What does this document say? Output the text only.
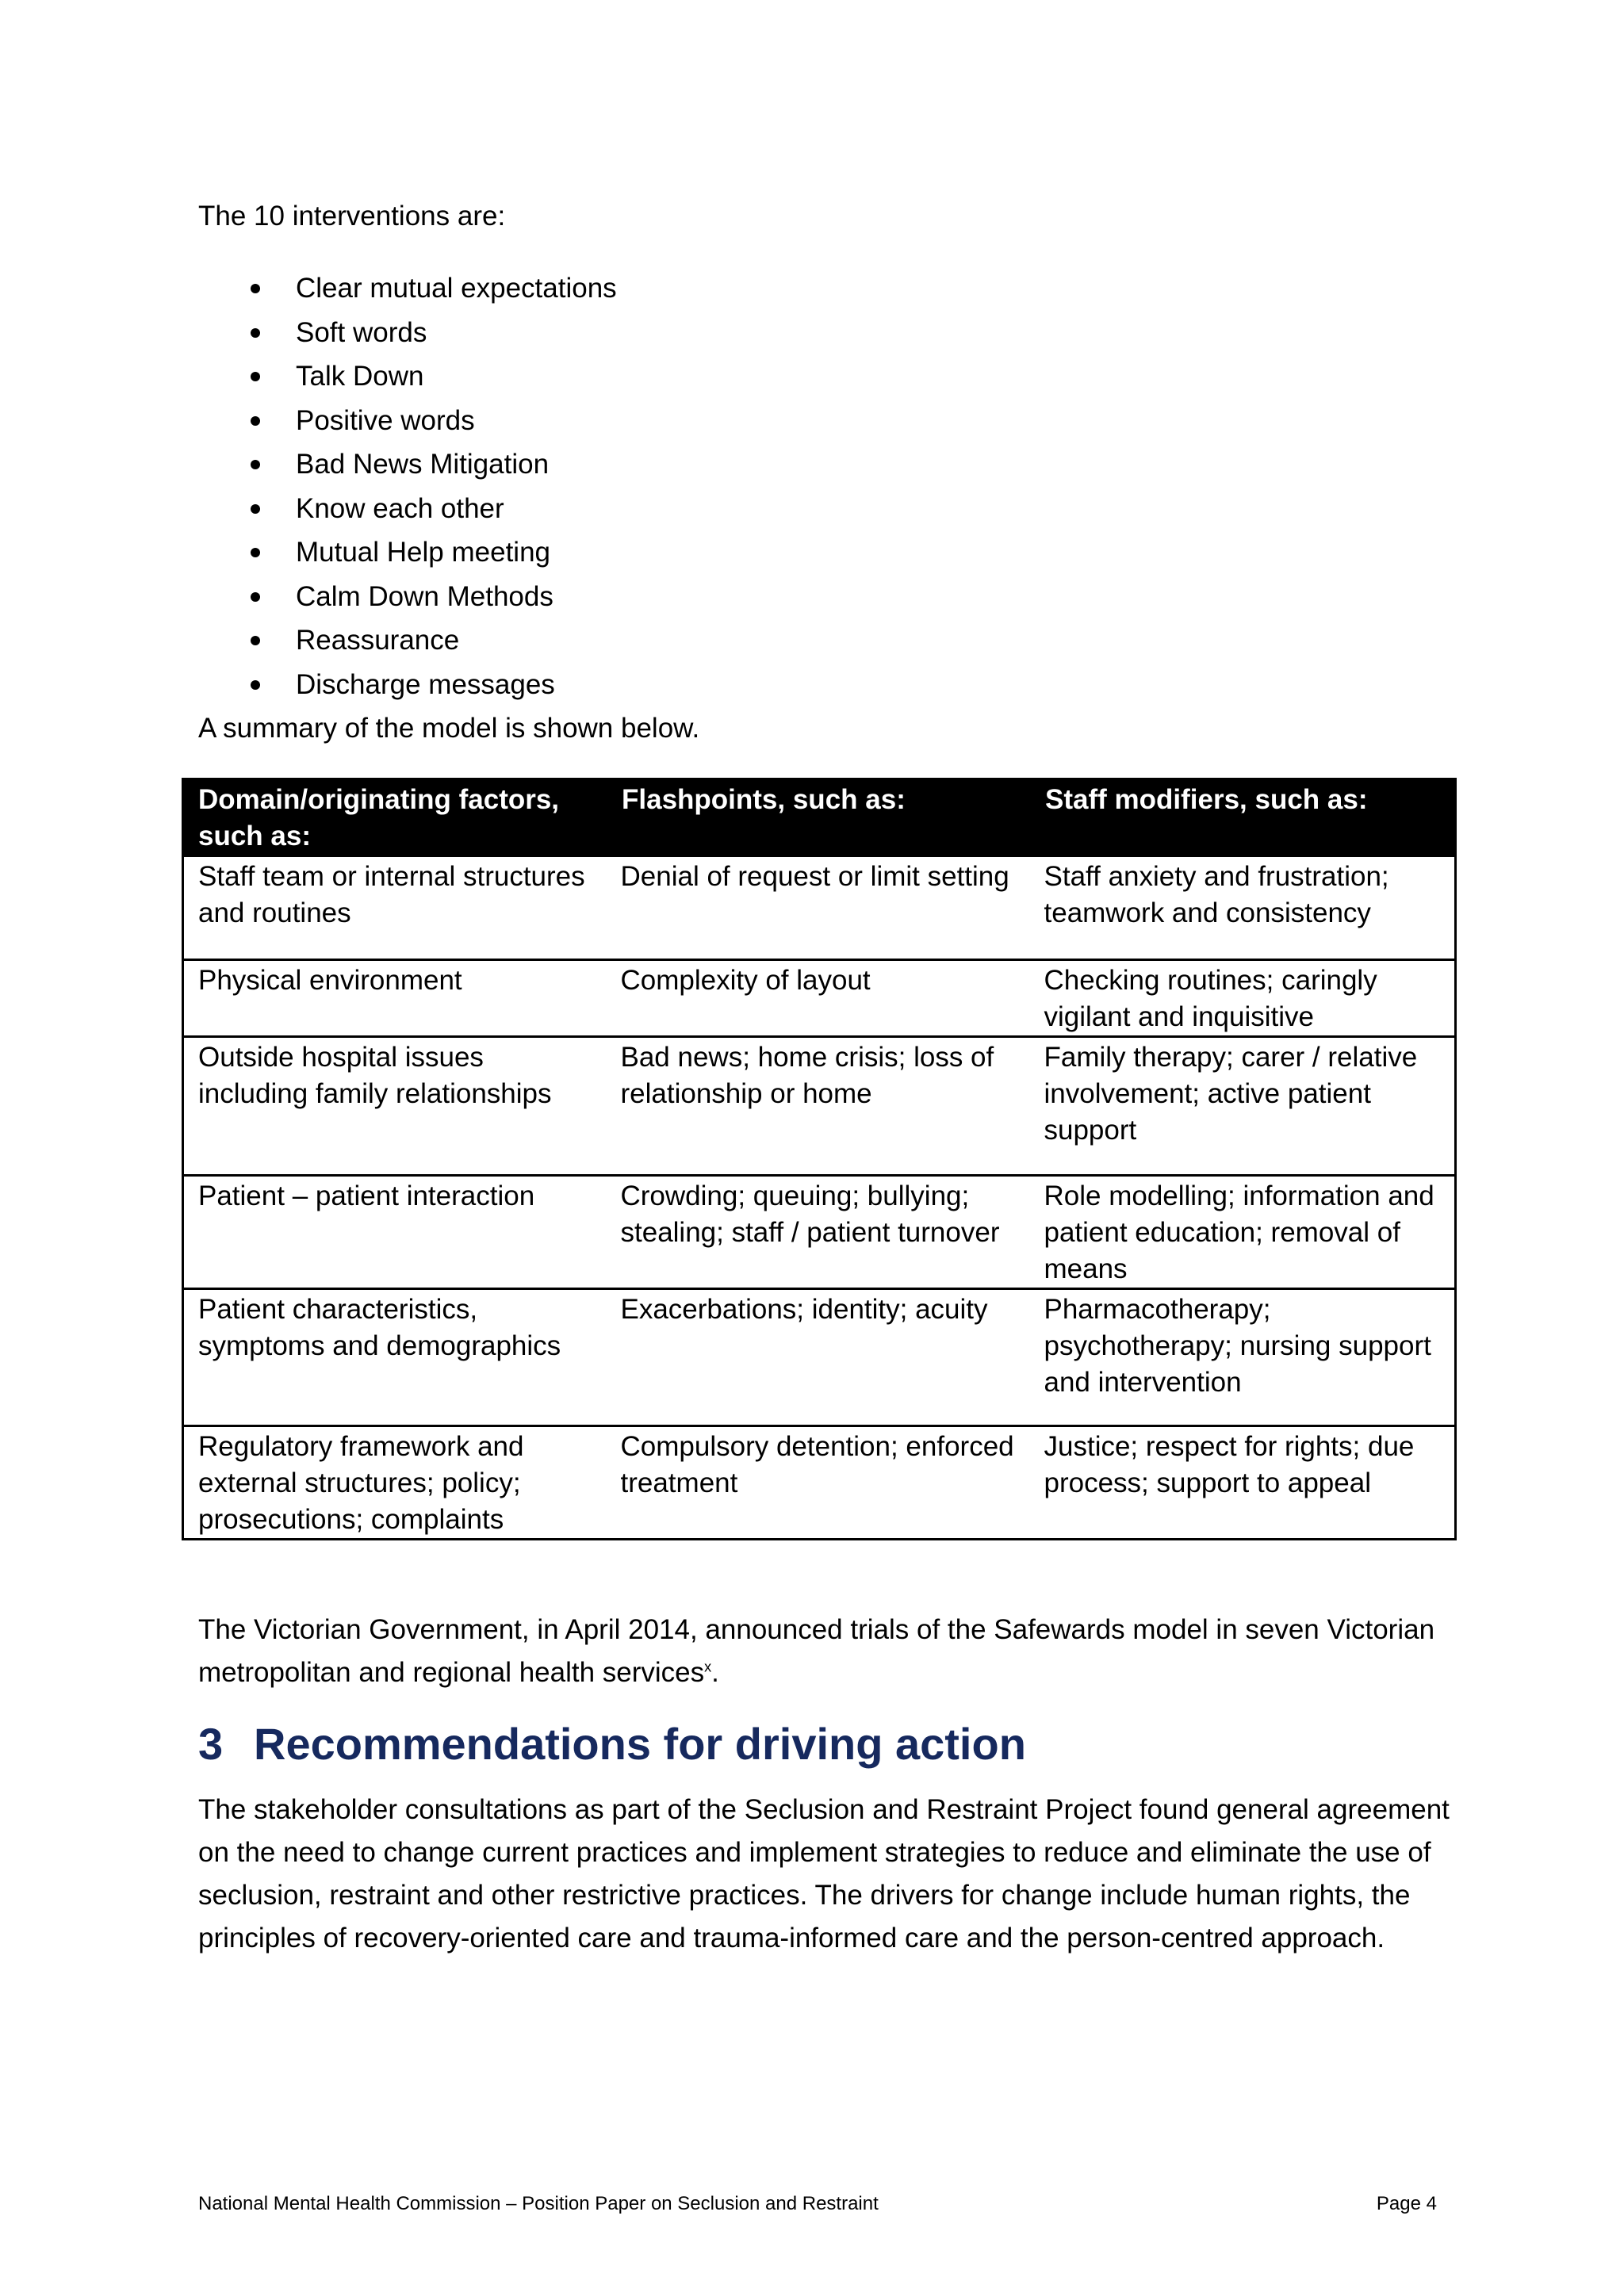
The 10 interventions are:

Clear mutual expectations
Soft words
Talk Down
Positive words
Bad News Mitigation
Know each other
Mutual Help meeting
Calm Down Methods
Reassurance
Discharge messages

A summary of the model is shown below.

Domain/originating factors, such as:	Flashpoints, such as:	Staff modifiers, such as:
Staff team or internal structures and routines	Denial of request or limit setting	Staff anxiety and frustration; teamwork and consistency
Physical environment	Complexity of layout	Checking routines; caringly vigilant and inquisitive
Outside hospital issues including family relationships	Bad news; home crisis; loss of relationship or home	Family therapy; carer / relative involvement; active patient support
Patient – patient interaction	Crowding; queuing; bullying; stealing; staff / patient turnover	Role modelling; information and patient education; removal of means
Patient characteristics, symptoms and demographics	Exacerbations; identity; acuity	Pharmacotherapy; psychotherapy; nursing support and intervention
Regulatory framework and external structures; policy; prosecutions; complaints	Compulsory detention; enforced treatment	Justice; respect for rights; due process; support to appeal

The Victorian Government, in April 2014, announced trials of the Safewards model in seven Victorian metropolitan and regional health services$^x$.

3 Recommendations for driving action

The stakeholder consultations as part of the Seclusion and Restraint Project found general agreement on the need to change current practices and implement strategies to reduce and eliminate the use of seclusion, restraint and other restrictive practices. The drivers for change include human rights, the principles of recovery-oriented care and trauma-informed care and the person-centred approach.

National Mental Health Commission – Position Paper on Seclusion and Restraint	Page 4
